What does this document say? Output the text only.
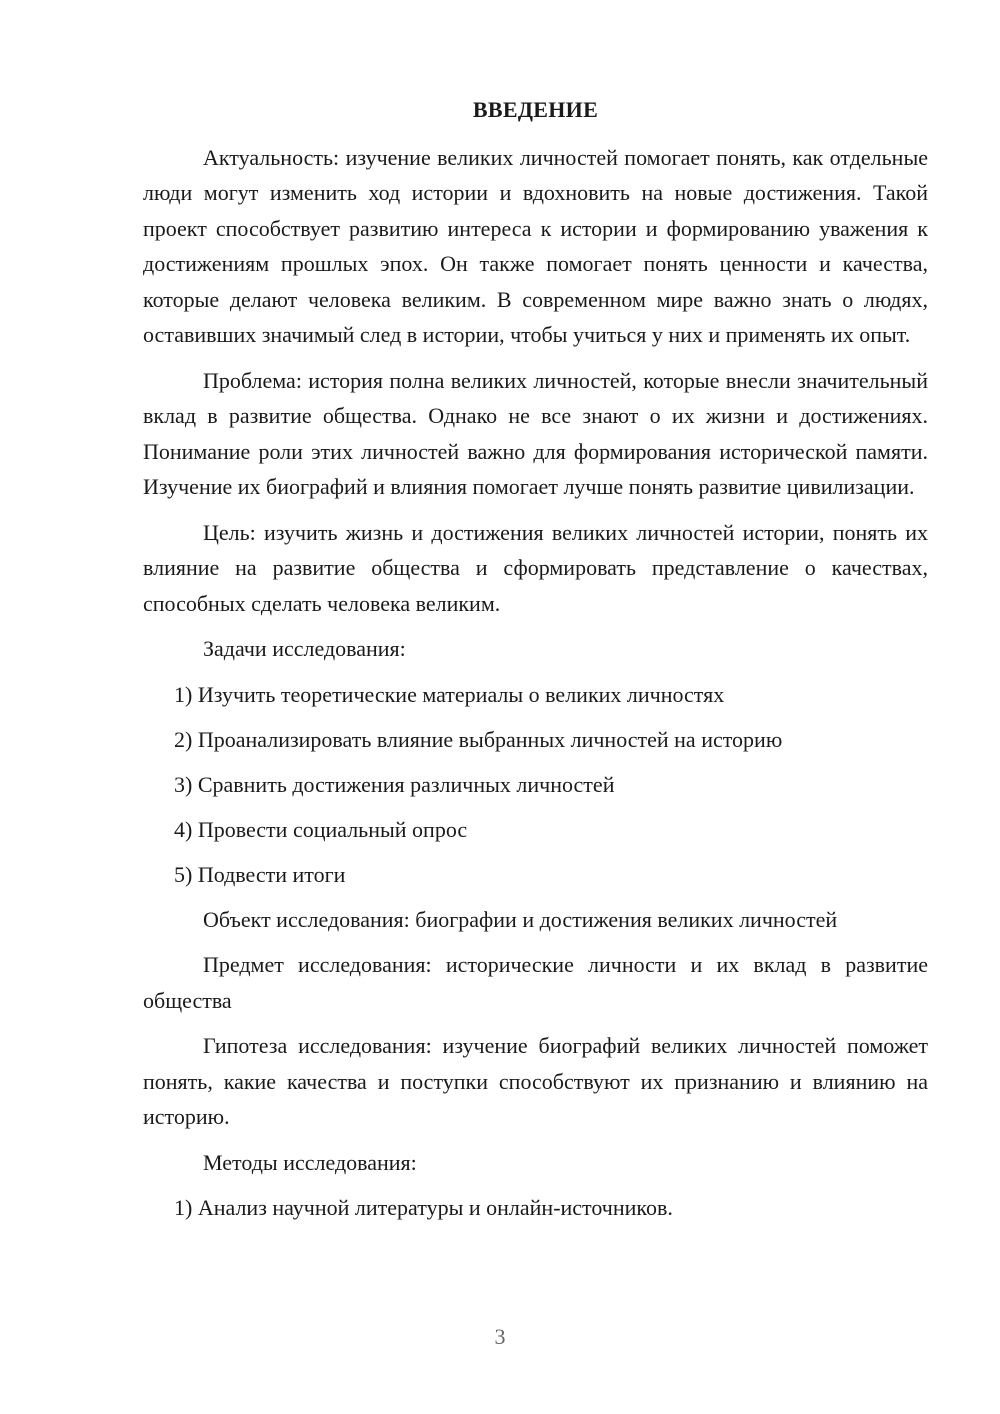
ВВЕДЕНИЕ
Актуальность: изучение великих личностей помогает понять, как отдельные люди могут изменить ход истории и вдохновить на новые достижения. Такой проект способствует развитию интереса к истории и формированию уважения к достижениям прошлых эпох. Он также помогает понять ценности и качества, которые делают человека великим. В современном мире важно знать о людях, оставивших значимый след в истории, чтобы учиться у них и применять их опыт.
Проблема: история полна великих личностей, которые внесли значительный вклад в развитие общества. Однако не все знают о их жизни и достижениях. Понимание роли этих личностей важно для формирования исторической памяти. Изучение их биографий и влияния помогает лучше понять развитие цивилизации.
Цель: изучить жизнь и достижения великих личностей истории, понять их влияние на развитие общества и сформировать представление о качествах, способных сделать человека великим.
Задачи исследования:
1) Изучить теоретические материалы о великих личностях
2) Проанализировать влияние выбранных личностей на историю
3) Сравнить достижения различных личностей
4) Провести социальный опрос
5) Подвести итоги
Объект исследования: биографии и достижения великих личностей
Предмет исследования: исторические личности и их вклад в развитие общества
Гипотеза исследования: изучение биографий великих личностей поможет понять, какие качества и поступки способствуют их признанию и влиянию на историю.
Методы исследования:
1) Анализ научной литературы и онлайн-источников.
3
